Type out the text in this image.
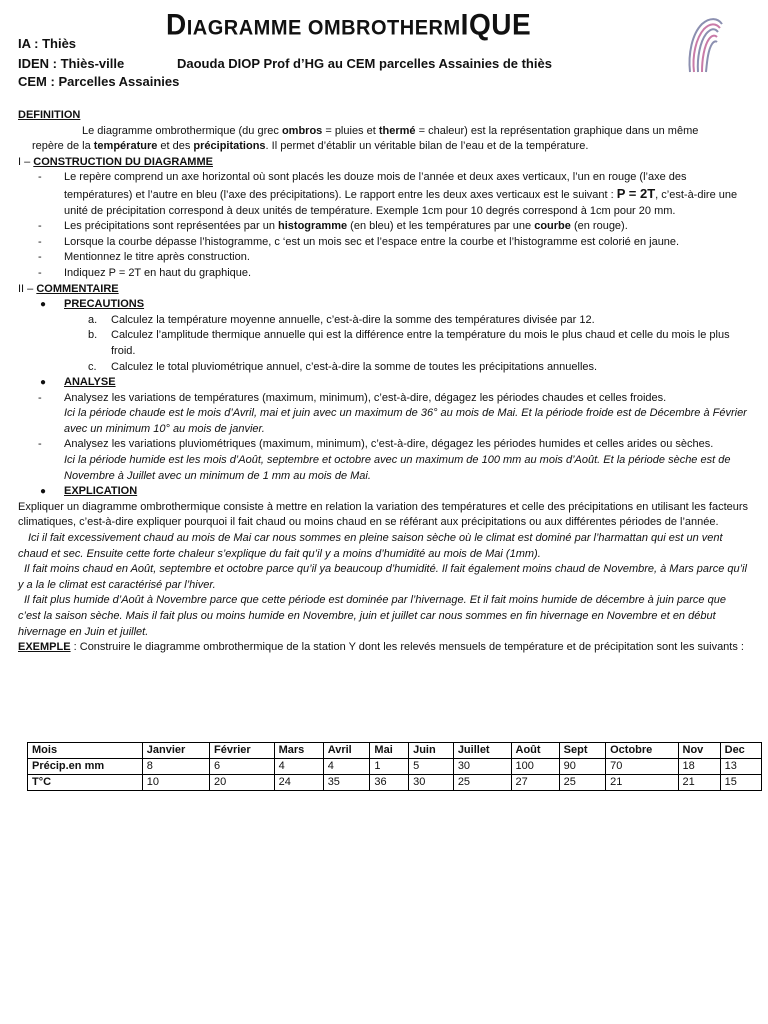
IA : Thiès
IDEN : Thiès-ville
CEM : Parcelles Assainies
DIAGRAMME OMBROTHERMIQUE
Daouda DIOP Prof d’HG au CEM parcelles Assainies de thiès
DEFINITION
Le diagramme ombrothermique (du grec ombros = pluies et thermé = chaleur) est la représentation graphique dans un même
repère de la température et des précipitations. Il permet d’établir un véritable bilan de l’eau et de la température.
I – CONSTRUCTION DU DIAGRAMME
- Le repère comprend un axe horizontal où sont placés les douze mois de l’année et deux axes verticaux, l’un en rouge (l’axe des températures) et l’autre en bleu (l’axe des précipitations). Le rapport entre les deux axes verticaux est le suivant : P = 2T, c’est-à-dire une unité de précipitation correspond à deux unités de température. Exemple 1cm pour 10 degrés correspond à 1cm pour 20 mm.
- Les précipitations sont représentées par un histogramme (en bleu) et les températures par une courbe (en rouge).
- Lorsque la courbe dépasse l’histogramme, c ‘est un mois sec et l’espace entre la courbe et l’histogramme est colorié en jaune.
- Mentionnez le titre après construction.
- Indiquez P = 2T en haut du graphique.
II – COMMENTAIRE
● PRECAUTIONS
a. Calculez la température moyenne annuelle, c’est-à-dire la somme des températures divisée par 12.
b. Calculez l’amplitude thermique annuelle qui est la différence entre la température du mois le plus chaud et celle du mois le plus froid.
c. Calculez le total pluviométrique annuel, c’est-à-dire la somme de toutes les précipitations annuelles.
● ANALYSE
- Analysez les variations de températures (maximum, minimum), c’est-à-dire, dégagez les périodes chaudes et celles froides.
Ici la période chaude est le mois d’Avril, mai et juin avec un maximum de 36° au mois de Mai. Et la période froide est de Décembre à Février avec un minimum 10° au mois de janvier.
- Analysez les variations pluviométriques (maximum, minimum), c’est-à-dire, dégagez les périodes humides et celles arides ou sèches.
Ici la période humide est les mois d’Août, septembre et octobre avec un maximum de 100 mm au mois d’Août. Et la période sèche est de Novembre à Juillet avec un minimum de 1 mm au mois de Mai.
● EXPLICATION

Expliquer un diagramme ombrothermique consiste à mettre en relation la variation des températures et celle des précipitations en utilisant les facteurs climatiques, c’est-à-dire expliquer pourquoi il fait chaud ou moins chaud en se référant aux précipitations ou aux différentes périodes de l’année.

Ici il fait excessivement chaud au mois de Mai car nous sommes en pleine saison sèche où le climat est dominé par l’harmattan qui est un vent chaud et sec. Ensuite cette forte chaleur s’explique du fait qu’il y a moins d’humidité au mois de Mai (1mm).

Il fait moins chaud en Août, septembre et octobre parce qu’il ya beaucoup d’humidité. Il fait également moins chaud de Novembre, à Mars parce qu’il y a la le climat est caractérisé par l’hiver.

Il fait plus humide d’Août à Novembre parce que cette période est dominée par l’hivernage. Et il fait moins humide de décembre à juin parce que c’est la saison sèche. Mais il fait plus ou moins humide en Novembre, juin et juillet car nous sommes en fin hivernage en Novembre et en début hivernage en Juin et juillet.

EXEMPLE : Construire le diagramme ombrothermique de la station Y dont les relevés mensuels de température et de précipitation sont les suivants :
Mois	Janvier	Février	Mars	Avril	Mai	Juin	Juillet	Août	Sept	Octobre	Nov	Dec
Précip.en mm	8	6	4	4	1	5	30	100	90	70	18	13
T°C	10	20	24	35	36	30	25	27	25	21	21	15
